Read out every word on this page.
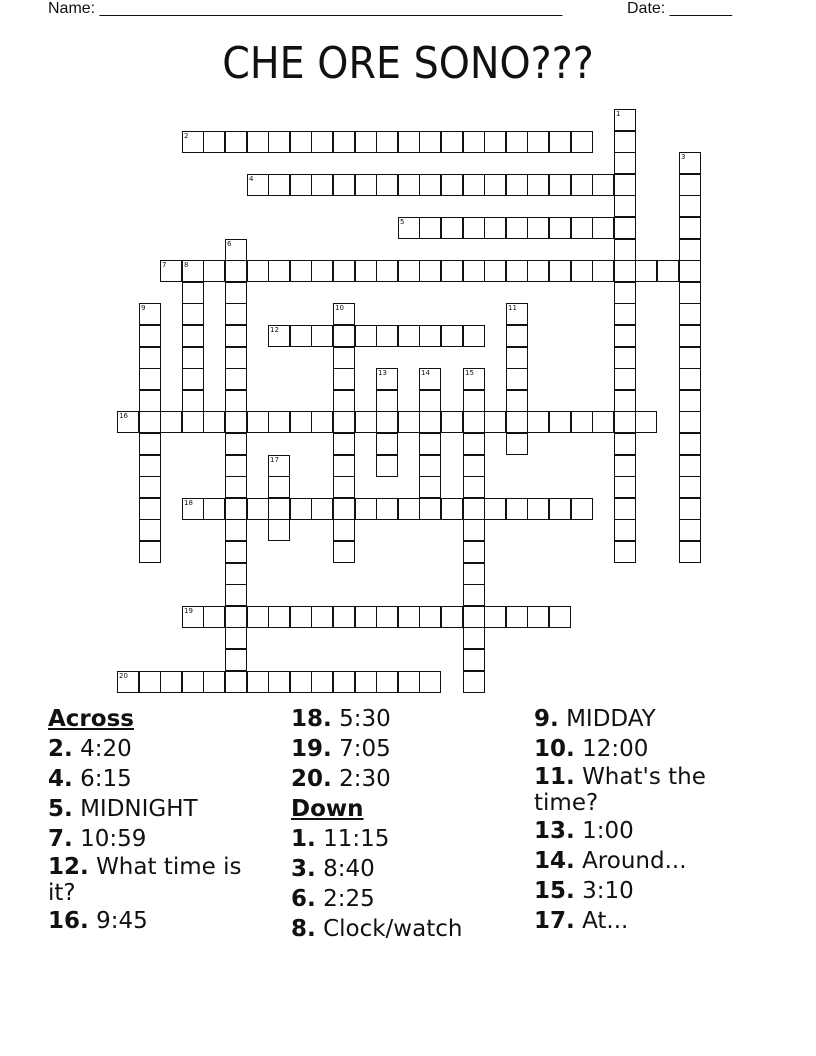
Name: ____________________________________________________	Date: _______
CHE ORE SONO???
1
2
3
4
5
6
7	8
9	10	11
12
13	14	15
16
17
18
19
20
Across
2. 4:20
4. 6:15
5. MIDNIGHT
7. 10:59
12. What time is it?
16. 9:45
18. 5:30
19. 7:05
20. 2:30
Down
1. 11:15
3. 8:40
6. 2:25
8. Clock/watch
9. MIDDAY
10. 12:00
11. What's the time?
13. 1:00
14. Around...
15. 3:10
17. At...
